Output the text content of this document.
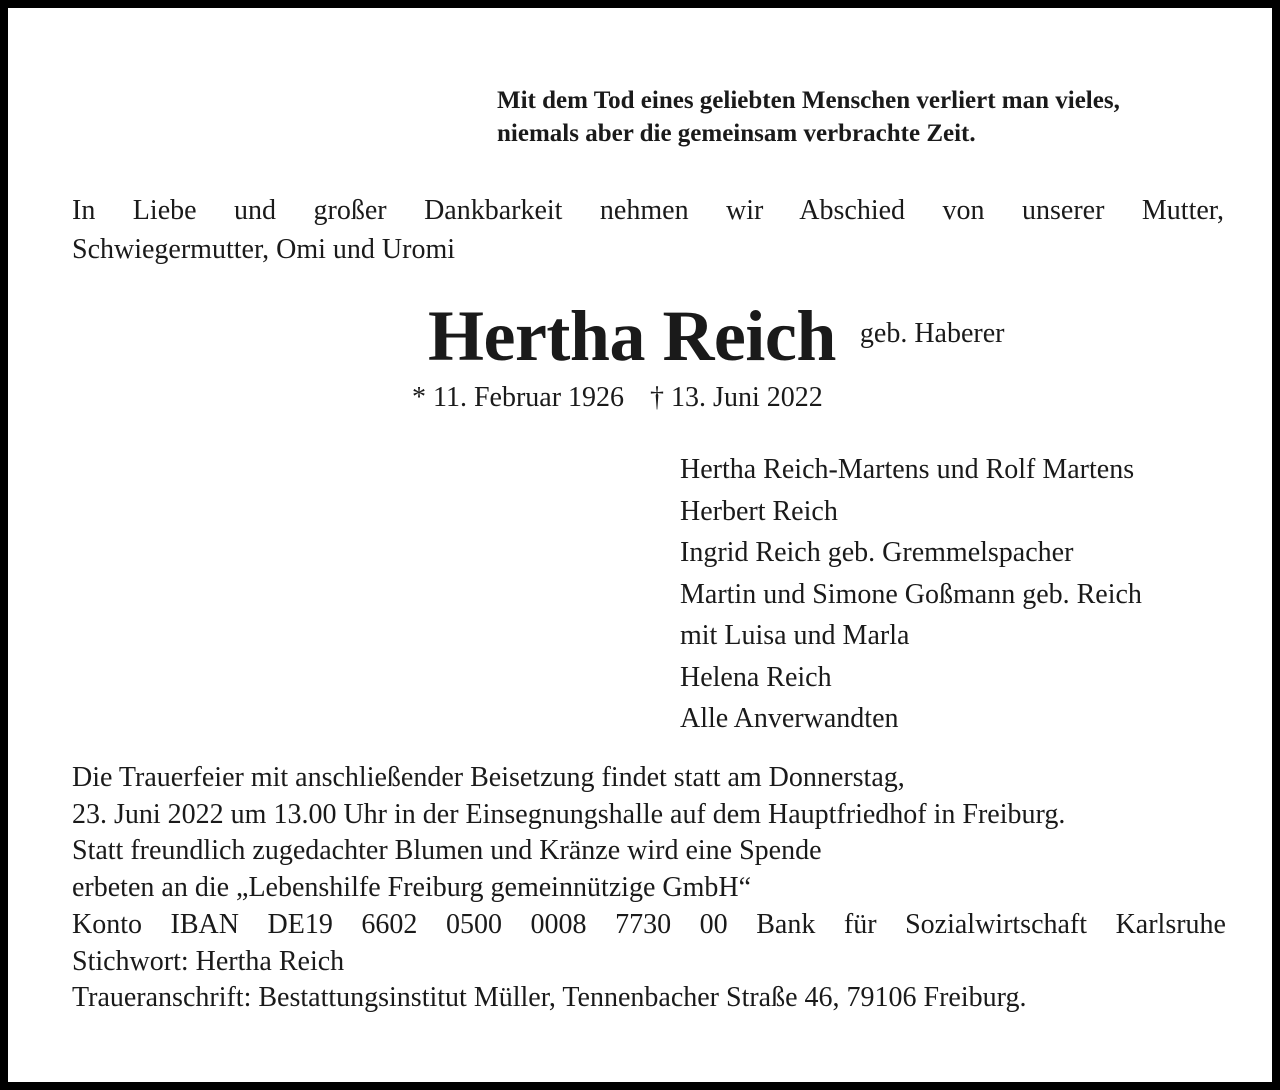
Mit dem Tod eines geliebten Menschen verliert man vieles,
niemals aber die gemeinsam verbrachte Zeit.
In Liebe und großer Dankbarkeit nehmen wir Abschied von unserer Mutter,
Schwiegermutter, Omi und Uromi
Hertha Reich geb. Haberer
* 11. Februar 1926 † 13. Juni 2022
Hertha Reich-Martens und Rolf Martens
Herbert Reich
Ingrid Reich geb. Gremmelspacher
Martin und Simone Goßmann geb. Reich
mit Luisa und Marla
Helena Reich
Alle Anverwandten
Die Trauerfeier mit anschließender Beisetzung findet statt am Donnerstag,
23. Juni 2022 um 13.00 Uhr in der Einsegnungshalle auf dem Hauptfriedhof in Freiburg.
Statt freundlich zugedachter Blumen und Kränze wird eine Spende
erbeten an die „Lebenshilfe Freiburg gemeinnützige GmbH“
Konto IBAN DE19 6602 0500 0008 7730 00 Bank für Sozialwirtschaft Karlsruhe
Stichwort: Hertha Reich
Traueranschrift: Bestattungsinstitut Müller, Tennenbacher Straße 46, 79106 Freiburg.
